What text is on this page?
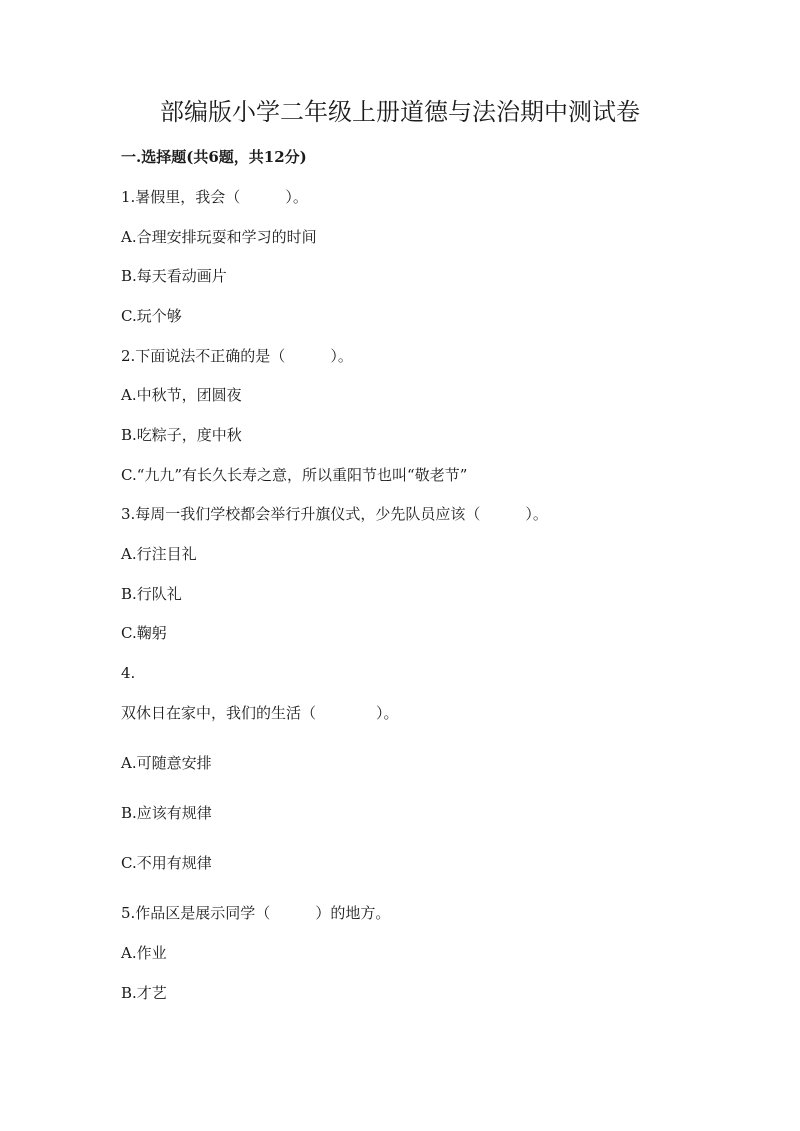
部编版小学二年级上册道德与法治期中测试卷

一.选择题(共6题，共12分)

1.暑假里，我会（　　　）。

A.合理安排玩耍和学习的时间

B.每天看动画片

C.玩个够

2.下面说法不正确的是（　　　）。

A.中秋节，团圆夜

B.吃粽子，度中秋

C.“九九”有长久长寿之意，所以重阳节也叫“敬老节”

3.每周一我们学校都会举行升旗仪式，少先队员应该（　　　）。

A.行注目礼

B.行队礼

C.鞠躬

4.

双休日在家中，我们的生活（　　　　）。

A.可随意安排

B.应该有规律

C.不用有规律

5.作品区是展示同学（　　　）的地方。

A.作业

B.才艺
